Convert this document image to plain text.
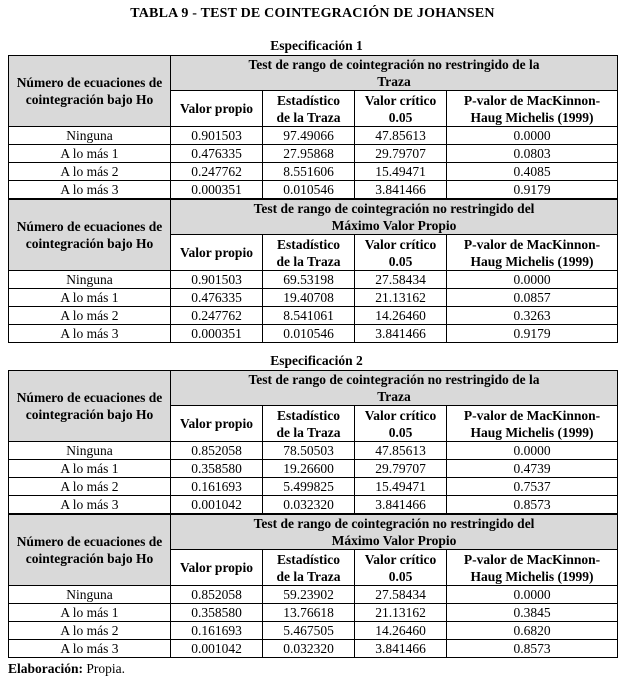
TABLA 9 - TEST DE COINTEGRACIÓN DE JOHANSEN
Especificación 1
Especificación 2
Número de ecuaciones de cointegración bajo Ho	Test de rango de cointegración no restringido de la Traza			
	Valor propio	Estadístico de la Traza	Valor crítico 0.05	P-valor de MacKinnon-Haug Michelis (1999)
Ninguna	0.901503	97.49066	47.85613	0.0000
A lo más 1	0.476335	27.95868	29.79707	0.0803
A lo más 2	0.247762	8.551606	15.49471	0.4085
A lo más 3	0.000351	0.010546	3.841466	0.9179
Número de ecuaciones de cointegración bajo Ho	Test de rango de cointegración no restringido del Máximo Valor Propio			
	Valor propio	Estadístico de la Traza	Valor crítico 0.05	P-valor de MacKinnon-Haug Michelis (1999)
Ninguna	0.901503	69.53198	27.58434	0.0000
A lo más 1	0.476335	19.40708	21.13162	0.0857
A lo más 2	0.247762	8.541061	14.26460	0.3263
A lo más 3	0.000351	0.010546	3.841466	0.9179
Número de ecuaciones de cointegración bajo Ho	Test de rango de cointegración no restringido de la Traza			
	Valor propio	Estadístico de la Traza	Valor crítico 0.05	P-valor de MacKinnon-Haug Michelis (1999)
Ninguna	0.852058	78.50503	47.85613	0.0000
A lo más 1	0.358580	19.26600	29.79707	0.4739
A lo más 2	0.161693	5.499825	15.49471	0.7537
A lo más 3	0.001042	0.032320	3.841466	0.8573
Número de ecuaciones de cointegración bajo Ho	Test de rango de cointegración no restringido del Máximo Valor Propio			
	Valor propio	Estadístico de la Traza	Valor crítico 0.05	P-valor de MacKinnon-Haug Michelis (1999)
Ninguna	0.852058	59.23902	27.58434	0.0000
A lo más 1	0.358580	13.76618	21.13162	0.3845
A lo más 2	0.161693	5.467505	14.26460	0.6820
A lo más 3	0.001042	0.032320	3.841466	0.8573
Elaboración: Propia.
